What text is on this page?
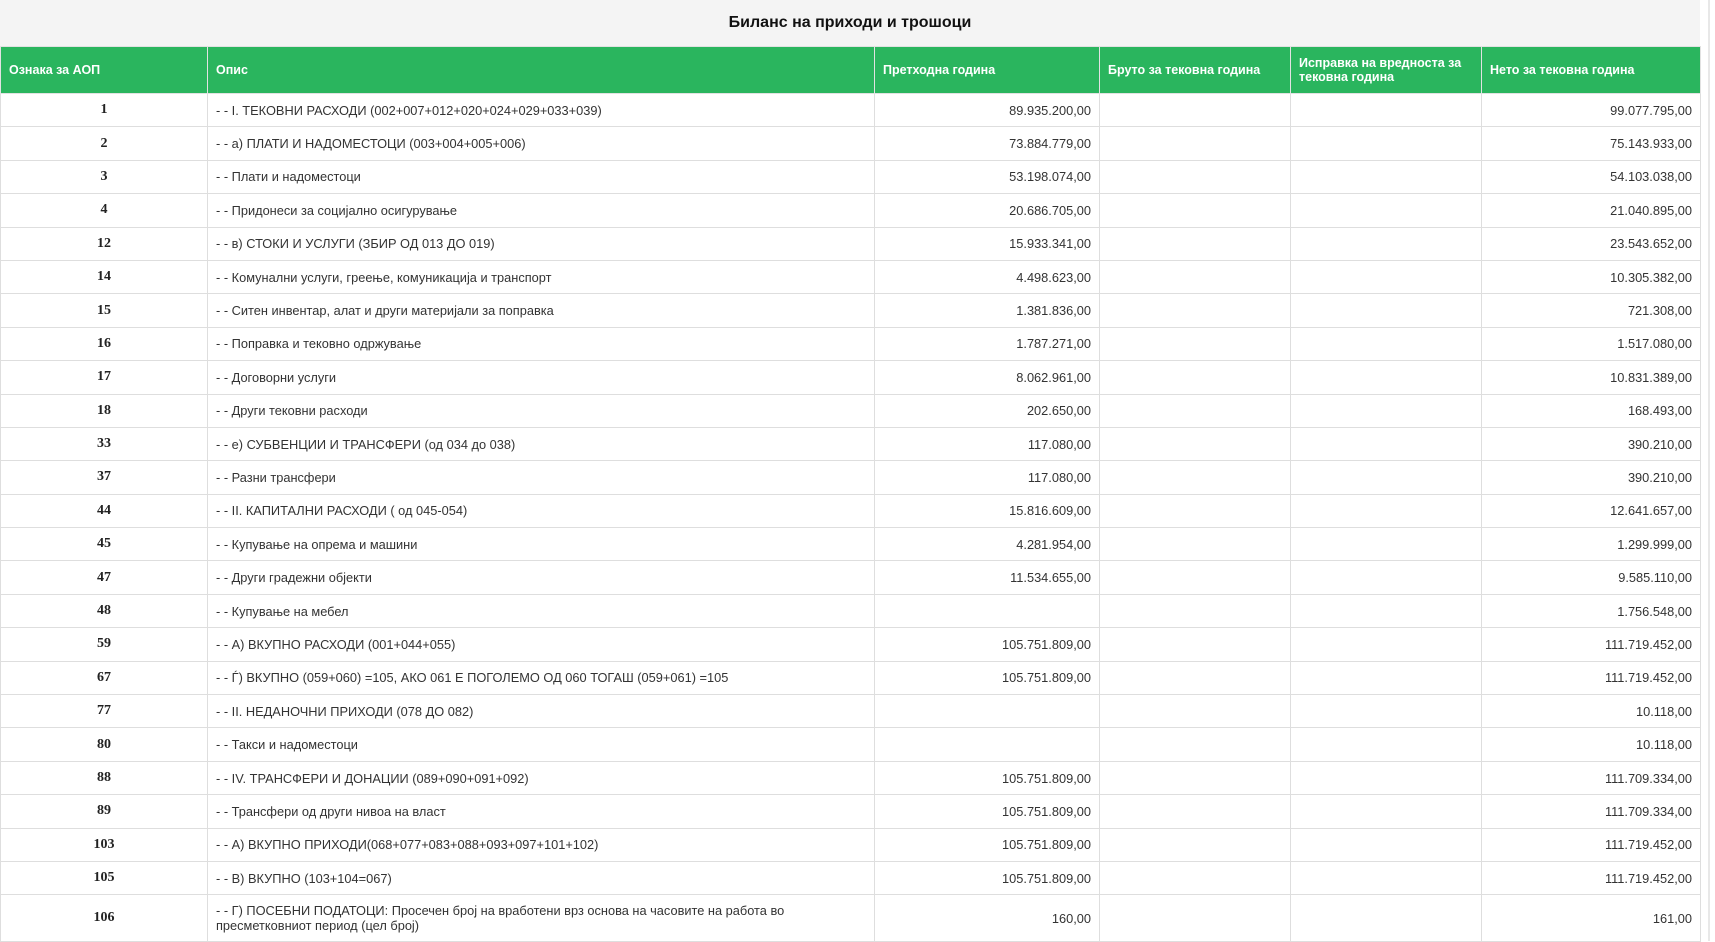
Биланс на приходи и трошоци
Ознака за АОП	Опис	Претходна година	Бруто за тековна година	Исправка на вредноста за тековна година	Нето за тековна година
1	- - I. ТЕКОВНИ РАСХОДИ (002+007+012+020+024+029+033+039)	89.935.200,00			99.077.795,00
2	- - а) ПЛАТИ И НАДОМЕСТОЦИ (003+004+005+006)	73.884.779,00			75.143.933,00
3	- - Плати и надоместоци	53.198.074,00			54.103.038,00
4	- - Придонеси за социјално осигурување	20.686.705,00			21.040.895,00
12	- - в) СТОКИ И УСЛУГИ (ЗБИР ОД 013 ДО 019)	15.933.341,00			23.543.652,00
14	- - Комунални услуги, греење, комуникација и транспорт	4.498.623,00			10.305.382,00
15	- - Ситен инвентар, алат и други материјали за поправка	1.381.836,00			721.308,00
16	- - Поправка и тековно одржување	1.787.271,00			1.517.080,00
17	- - Договорни услуги	8.062.961,00			10.831.389,00
18	- - Други тековни расходи	202.650,00			168.493,00
33	- - е) СУБВЕНЦИИ И ТРАНСФЕРИ (од 034 до 038)	117.080,00			390.210,00
37	- - Разни трансфери	117.080,00			390.210,00
44	- - II. КАПИТАЛНИ РАСХОДИ ( од 045-054)	15.816.609,00			12.641.657,00
45	- - Купување на опрема и машини	4.281.954,00			1.299.999,00
47	- - Други градежни објекти	11.534.655,00			9.585.110,00
48	- - Купување на мебел				1.756.548,00
59	- - А) ВКУПНО РАСХОДИ (001+044+055)	105.751.809,00			111.719.452,00
67	- - Ѓ) ВКУПНО (059+060) =105, АКО 061 Е ПОГОЛЕМО ОД 060 ТОГАШ (059+061) =105	105.751.809,00			111.719.452,00
77	- - II. НЕДАНОЧНИ ПРИХОДИ (078 ДО 082)				10.118,00
80	- - Такси и надоместоци				10.118,00
88	- - IV. ТРАНСФЕРИ И ДОНАЦИИ (089+090+091+092)	105.751.809,00			111.709.334,00
89	- - Трансфери од други нивоа на власт	105.751.809,00			111.709.334,00
103	- - А) ВКУПНО ПРИХОДИ(068+077+083+088+093+097+101+102)	105.751.809,00			111.719.452,00
105	- - В) ВКУПНО (103+104=067)	105.751.809,00			111.719.452,00
106	- - Г) ПОСЕБНИ ПОДАТОЦИ: Просечен број на вработени врз основа на часовите на работа во пресметковниот период (цел број)	160,00			161,00
